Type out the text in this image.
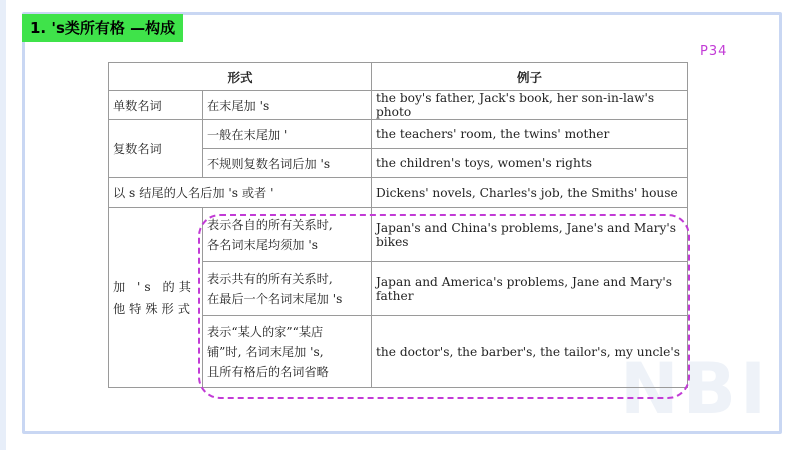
NBI
1. 's类所有格 —构成
P34
形式		例子
单数名词	在末尾加 's	the boy's father, Jack's book, her son-in-law's photo
复数名词	一般在末尾加 '	the teachers' room, the twins' mother
	不规则复数名词后加 's	the children's toys, women's rights
以 s 结尾的人名后加 's 或者 '		Dickens' novels, Charles's job, the Smiths' house
加 's 的其他特殊形式	表示各自的所有关系时,
各名词末尾均须加 's	Japan's and China's problems, Jane's and Mary's bikes

	表示共有的所有关系时,
在最后一个名词末尾加 's	Japan and America's problems, Jane and Mary's father

	表示“某人的家”“某店
铺”时, 名词末尾加 's,
且所有格后的名词省略	the doctor's, the barber's, the tailor's, my uncle's
